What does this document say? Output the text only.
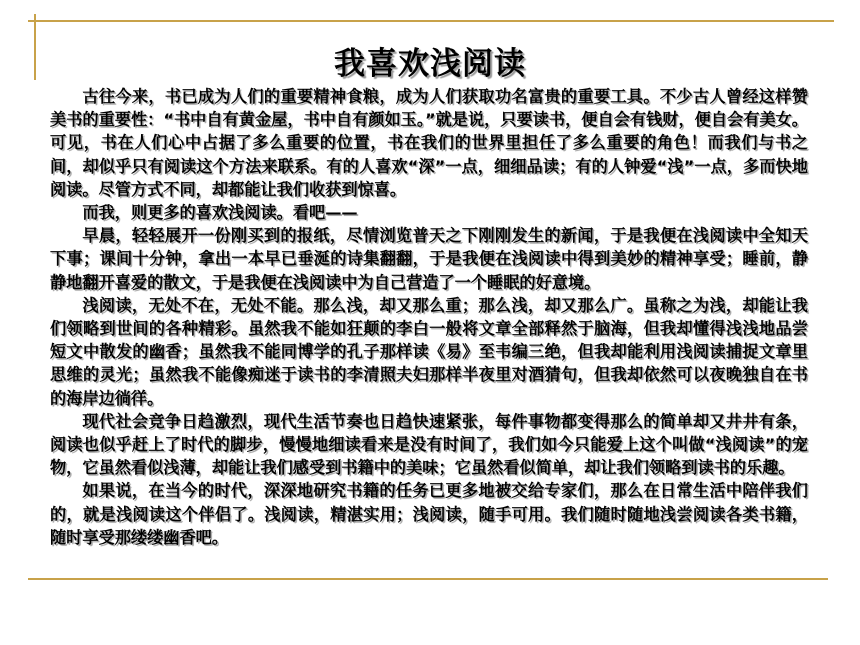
我喜欢浅阅读

古往今来，书已成为人们的重要精神食粮，成为人们获取功名富贵的重要工具。不少古人曾经这样赞美书的重要性：“书中自有黄金屋，书中自有颜如玉。”就是说，只要读书，便自会有钱财，便自会有美女。可见，书在人们心中占据了多么重要的位置，书在我们的世界里担任了多么重要的角色！而我们与书之间，却似乎只有阅读这个方法来联系。有的人喜欢“深”一点，细细品读；有的人钟爱“浅”一点，多而快地阅读。尽管方式不同，却都能让我们收获到惊喜。

而我，则更多的喜欢浅阅读。看吧——

早晨，轻轻展开一份刚买到的报纸，尽情浏览普天之下刚刚发生的新闻，于是我便在浅阅读中全知天下事；课间十分钟，拿出一本早已垂涎的诗集翻翻，于是我便在浅阅读中得到美妙的精神享受；睡前，静静地翻开喜爱的散文，于是我便在浅阅读中为自己营造了一个睡眠的好意境。

浅阅读，无处不在，无处不能。那么浅，却又那么重；那么浅，却又那么广。虽称之为浅，却能让我们领略到世间的各种精彩。虽然我不能如狂颠的李白一般将文章全部释然于脑海，但我却懂得浅浅地品尝短文中散发的幽香；虽然我不能同博学的孔子那样读《易》至韦编三绝，但我却能利用浅阅读捕捉文章里思维的灵光；虽然我不能像痴迷于读书的李清照夫妇那样半夜里对酒猜句，但我却依然可以夜晚独自在书的海岸边徜徉。

现代社会竞争日趋激烈，现代生活节奏也日趋快速紧张，每件事物都变得那么的简单却又井井有条，阅读也似乎赶上了时代的脚步，慢慢地细读看来是没有时间了，我们如今只能爱上这个叫做“浅阅读”的宠物，它虽然看似浅薄，却能让我们感受到书籍中的美味；它虽然看似简单，却让我们领略到读书的乐趣。

如果说，在当今的时代，深深地研究书籍的任务已更多地被交给专家们，那么在日常生活中陪伴我们的，就是浅阅读这个伴侣了。浅阅读，精湛实用；浅阅读，随手可用。我们随时随地浅尝阅读各类书籍，随时享受那缕缕幽香吧。
